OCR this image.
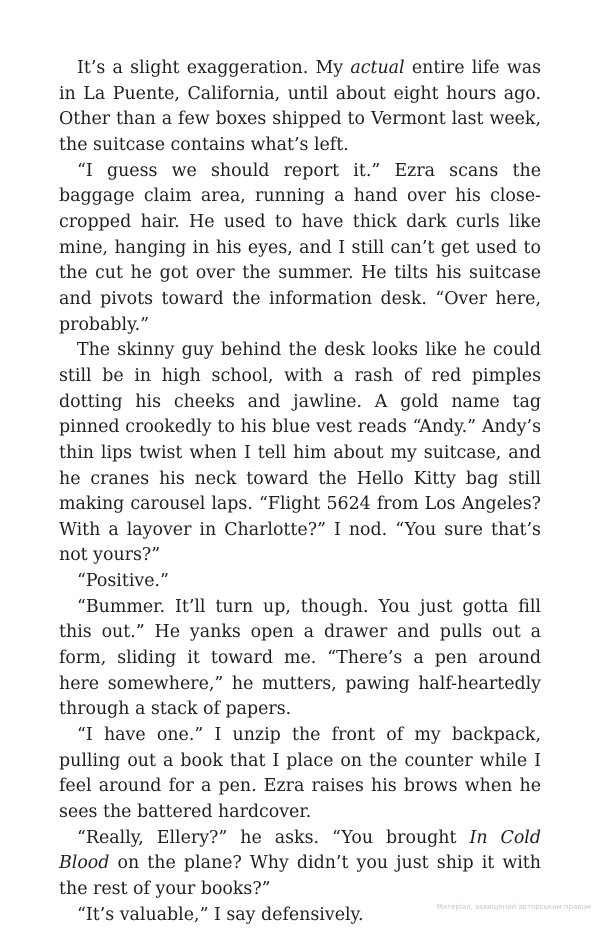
It’s a slight exaggeration. My actual entire life was in La Puente, California, until about eight hours ago. Other than a few boxes shipped to Vermont last week, the suitcase contains what’s left.

“I guess we should report it.” Ezra scans the baggage claim area, running a hand over his close-cropped hair. He used to have thick dark curls like mine, hanging in his eyes, and I still can’t get used to the cut he got over the summer. He tilts his suitcase and pivots toward the information desk. “Over here, probably.”

The skinny guy behind the desk looks like he could still be in high school, with a rash of red pimples dotting his cheeks and jawline. A gold name tag pinned crookedly to his blue vest reads “Andy.” Andy’s thin lips twist when I tell him about my suitcase, and he cranes his neck toward the Hello Kitty bag still making carousel laps. “Flight 5624 from Los Angeles? With a layover in Charlotte?” I nod. “You sure that’s not yours?”

“Positive.”

“Bummer. It’ll turn up, though. You just gotta fill this out.” He yanks open a drawer and pulls out a form, sliding it toward me. “There’s a pen around here somewhere,” he mutters, pawing half-heartedly through a stack of papers.

“I have one.” I unzip the front of my backpack, pulling out a book that I place on the counter while I feel around for a pen. Ezra raises his brows when he sees the battered hardcover.

“Really, Ellery?” he asks. “You brought In Cold Blood on the plane? Why didn’t you just ship it with the rest of your books?”

“It’s valuable,” I say defensively.	Матеріал, захищений авторським правом
